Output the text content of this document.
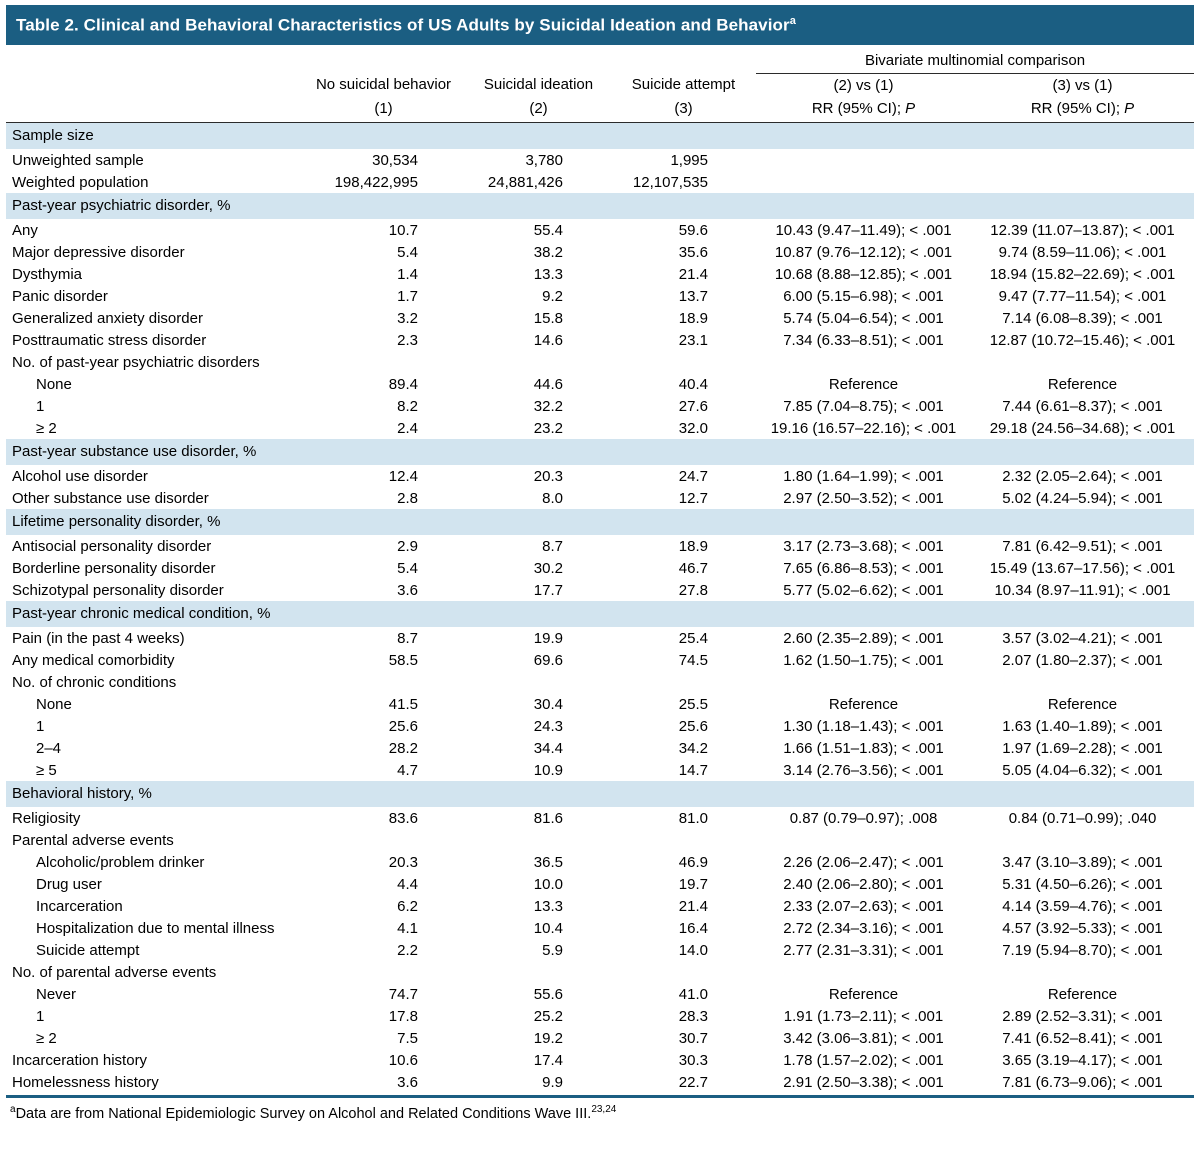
Table 2. Clinical and Behavioral Characteristics of US Adults by Suicidal Ideation and Behavior$^a$
				Bivariate multinomial comparison	
	No suicidal behavior	Suicidal ideation	Suicide attempt	(2) vs (1)	(3) vs (1)
	(1)	(2)	(3)	RR (95% CI); P	RR (95% CI); P
Sample size					
Unweighted sample	30,534	3,780	1,995		
Weighted population	198,422,995	24,881,426	12,107,535		
Past-year psychiatric disorder, %					
Any	10.7	55.4	59.6	10.43 (9.47–11.49); < .001	12.39 (11.07–13.87); < .001
Major depressive disorder	5.4	38.2	35.6	10.87 (9.76–12.12); < .001	9.74 (8.59–11.06); < .001
Dysthymia	1.4	13.3	21.4	10.68 (8.88–12.85); < .001	18.94 (15.82–22.69); < .001
Panic disorder	1.7	9.2	13.7	6.00 (5.15–6.98); < .001	9.47 (7.77–11.54); < .001
Generalized anxiety disorder	3.2	15.8	18.9	5.74 (5.04–6.54); < .001	7.14 (6.08–8.39); < .001
Posttraumatic stress disorder	2.3	14.6	23.1	7.34 (6.33–8.51); < .001	12.87 (10.72–15.46); < .001
No. of past-year psychiatric disorders					
None	89.4	44.6	40.4	Reference	Reference
1	8.2	32.2	27.6	7.85 (7.04–8.75); < .001	7.44 (6.61–8.37); < .001
≥ 2	2.4	23.2	32.0	19.16 (16.57–22.16); < .001	29.18 (24.56–34.68); < .001
Past-year substance use disorder, %					
Alcohol use disorder	12.4	20.3	24.7	1.80 (1.64–1.99); < .001	2.32 (2.05–2.64); < .001
Other substance use disorder	2.8	8.0	12.7	2.97 (2.50–3.52); < .001	5.02 (4.24–5.94); < .001
Lifetime personality disorder, %					
Antisocial personality disorder	2.9	8.7	18.9	3.17 (2.73–3.68); < .001	7.81 (6.42–9.51); < .001
Borderline personality disorder	5.4	30.2	46.7	7.65 (6.86–8.53); < .001	15.49 (13.67–17.56); < .001
Schizotypal personality disorder	3.6	17.7	27.8	5.77 (5.02–6.62); < .001	10.34 (8.97–11.91); < .001
Past-year chronic medical condition, %					
Pain (in the past 4 weeks)	8.7	19.9	25.4	2.60 (2.35–2.89); < .001	3.57 (3.02–4.21); < .001
Any medical comorbidity	58.5	69.6	74.5	1.62 (1.50–1.75); < .001	2.07 (1.80–2.37); < .001
No. of chronic conditions					
None	41.5	30.4	25.5	Reference	Reference
1	25.6	24.3	25.6	1.30 (1.18–1.43); < .001	1.63 (1.40–1.89); < .001
2–4	28.2	34.4	34.2	1.66 (1.51–1.83); < .001	1.97 (1.69–2.28); < .001
≥ 5	4.7	10.9	14.7	3.14 (2.76–3.56); < .001	5.05 (4.04–6.32); < .001
Behavioral history, %					
Religiosity	83.6	81.6	81.0	0.87 (0.79–0.97); .008	0.84 (0.71–0.99); .040
Parental adverse events					
Alcoholic/problem drinker	20.3	36.5	46.9	2.26 (2.06–2.47); < .001	3.47 (3.10–3.89); < .001
Drug user	4.4	10.0	19.7	2.40 (2.06–2.80); < .001	5.31 (4.50–6.26); < .001
Incarceration	6.2	13.3	21.4	2.33 (2.07–2.63); < .001	4.14 (3.59–4.76); < .001
Hospitalization due to mental illness	4.1	10.4	16.4	2.72 (2.34–3.16); < .001	4.57 (3.92–5.33); < .001
Suicide attempt	2.2	5.9	14.0	2.77 (2.31–3.31); < .001	7.19 (5.94–8.70); < .001
No. of parental adverse events					
Never	74.7	55.6	41.0	Reference	Reference
1	17.8	25.2	28.3	1.91 (1.73–2.11); < .001	2.89 (2.52–3.31); < .001
≥ 2	7.5	19.2	30.7	3.42 (3.06–3.81); < .001	7.41 (6.52–8.41); < .001
Incarceration history	10.6	17.4	30.3	1.78 (1.57–2.02); < .001	3.65 (3.19–4.17); < .001
Homelessness history	3.6	9.9	22.7	2.91 (2.50–3.38); < .001	7.81 (6.73–9.06); < .001
$^a$Data are from National Epidemiologic Survey on Alcohol and Related Conditions Wave III.$^{23,24}$
